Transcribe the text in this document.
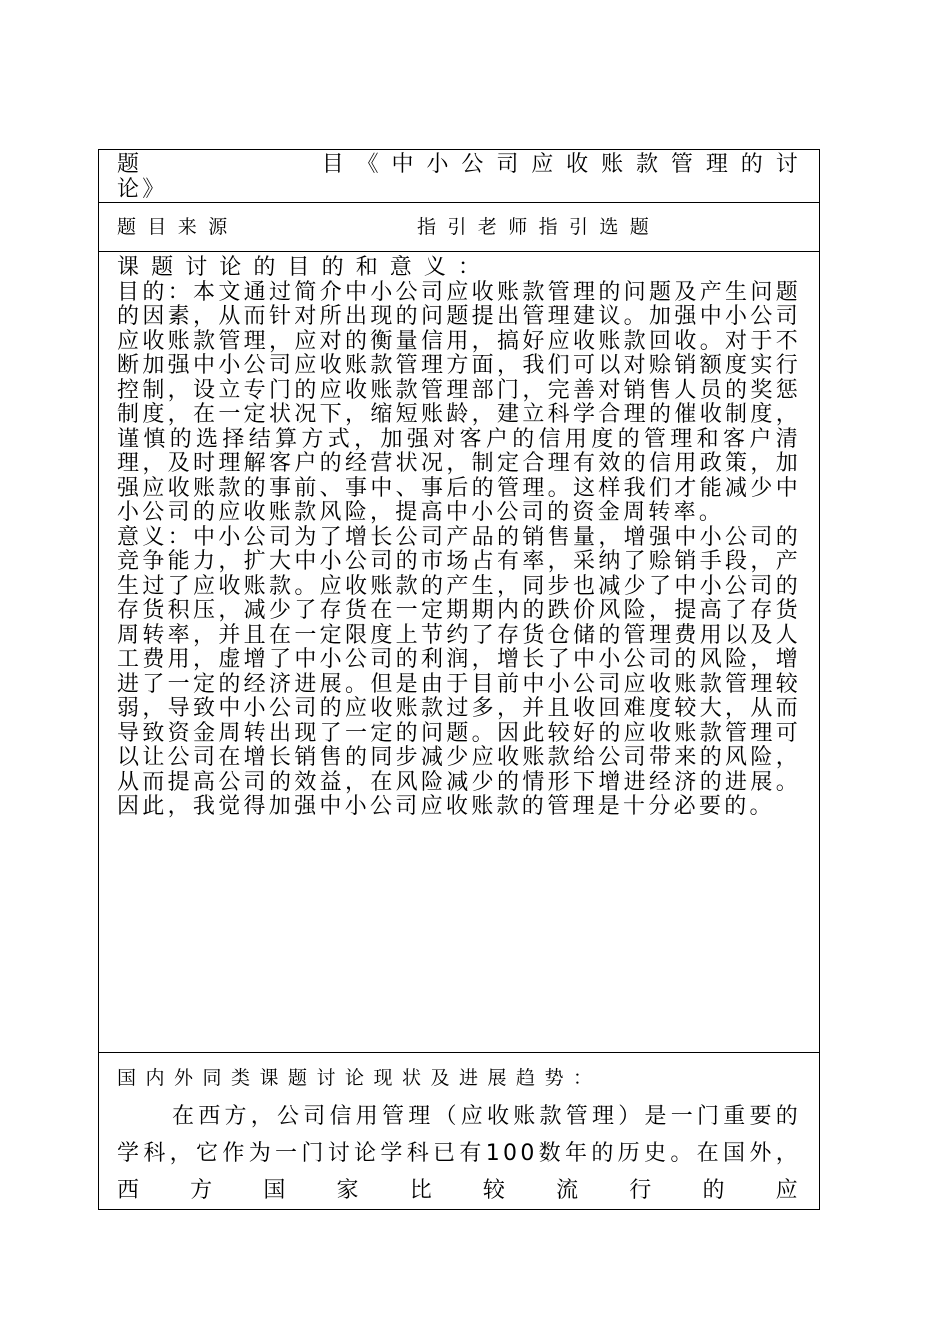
题目《中小公司应收账款管理的讨
论》

题目来源	指引老师指引选题

课题讨论的目的和意义：

目的：本文通过简介中小公司应收账款管理的问题及产生问题的因素，从而针对所出现的问题提出管理建议。加强中小公司应收账款管理，应对的衡量信用，搞好应收账款回收。对于不断加强中小公司应收账款管理方面，我们可以对赊销额度实行控制，设立专门的应收账款管理部门，完善对销售人员的奖惩制度，在一定状况下，缩短账龄，建立科学合理的催收制度，谨慎的选择结算方式，加强对客户的信用度的管理和客户清理，及时理解客户的经营状况，制定合理有效的信用政策，加强应收账款的事前、事中、事后的管理。这样我们才能减少中小公司的应收账款风险，提高中小公司的资金周转率。

意义：中小公司为了增长公司产品的销售量，增强中小公司的竞争能力，扩大中小公司的市场占有率，采纳了赊销手段，产生过了应收账款。应收账款的产生，同步也减少了中小公司的存货积压，减少了存货在一定期期内的跌价风险，提高了存货周转率，并且在一定限度上节约了存货仓储的管理费用以及人工费用，虚增了中小公司的利润，增长了中小公司的风险，增进了一定的经济进展。但是由于目前中小公司应收账款管理较弱，导致中小公司的应收账款过多，并且收回难度较大，从而导致资金周转出现了一定的问题。因此较好的应收账款管理可以让公司在增长销售的同步减少应收账款给公司带来的风险，从而提高公司的效益，在风险减少的情形下增进经济的进展。因此，我觉得加强中小公司应收账款的管理是十分必要的。

国内外同类课题讨论现状及进展趋势：

在西方，公司信用管理（应收账款管理）是一门重要的学科，它作为一门讨论学科已有100数年的历史。在国外，西方国家比较流行的应
